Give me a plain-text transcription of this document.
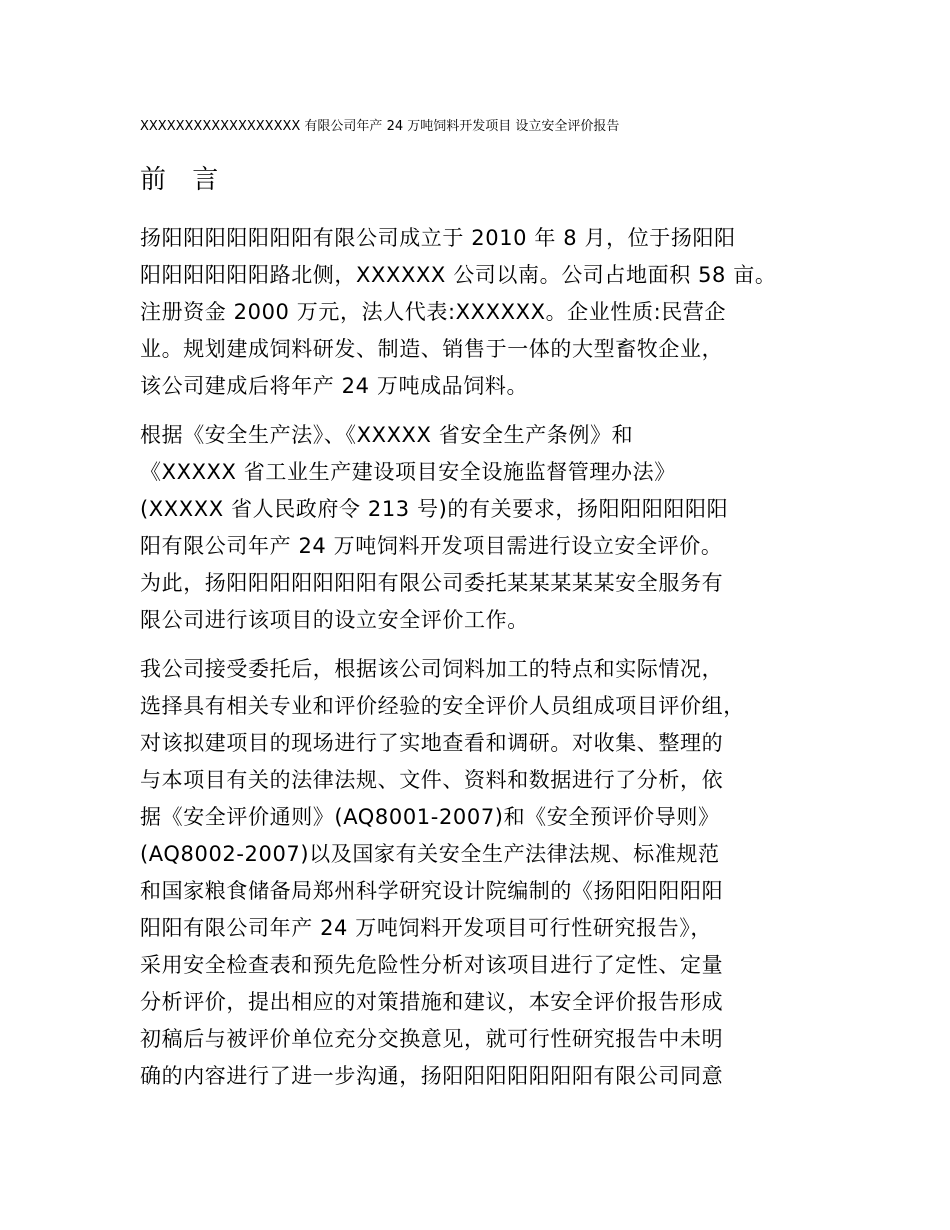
XXXXXXXXXXXXXXXXXX 有限公司年产 24 万吨饲料开发项目 设立安全评价报告
前 言
扬阳阳阳阳阳阳阳有限公司成立于 2010 年 8 月，位于扬阳阳
阳阳阳阳阳阳路北侧，XXXXXX 公司以南。公司占地面积 58 亩。
注册资金 2000 万元，法人代表:XXXXXX。企业性质:民营企
业。规划建成饲料研发、制造、销售于一体的大型畜牧企业，
该公司建成后将年产 24 万吨成品饲料。
根据《安全生产法》、《XXXXX 省安全生产条例》和
《XXXXX 省工业生产建设项目安全设施监督管理办法》
(XXXXX 省人民政府令 213 号)的有关要求，扬阳阳阳阳阳阳
阳有限公司年产 24 万吨饲料开发项目需进行设立安全评价。
为此，扬阳阳阳阳阳阳阳有限公司委托某某某某某安全服务有
限公司进行该项目的设立安全评价工作。
我公司接受委托后，根据该公司饲料加工的特点和实际情况，
选择具有相关专业和评价经验的安全评价人员组成项目评价组，
对该拟建项目的现场进行了实地查看和调研。对收集、整理的
与本项目有关的法律法规、文件、资料和数据进行了分析，依
据《安全评价通则》(AQ8001-2007)和《安全预评价导则》
(AQ8002-2007)以及国家有关安全生产法律法规、标准规范
和国家粮食储备局郑州科学研究设计院编制的《扬阳阳阳阳阳
阳阳有限公司年产 24 万吨饲料开发项目可行性研究报告》，
采用安全检查表和预先危险性分析对该项目进行了定性、定量
分析评价，提出相应的对策措施和建议，本安全评价报告形成
初稿后与被评价单位充分交换意见，就可行性研究报告中未明
确的内容进行了进一步沟通，扬阳阳阳阳阳阳阳有限公司同意
